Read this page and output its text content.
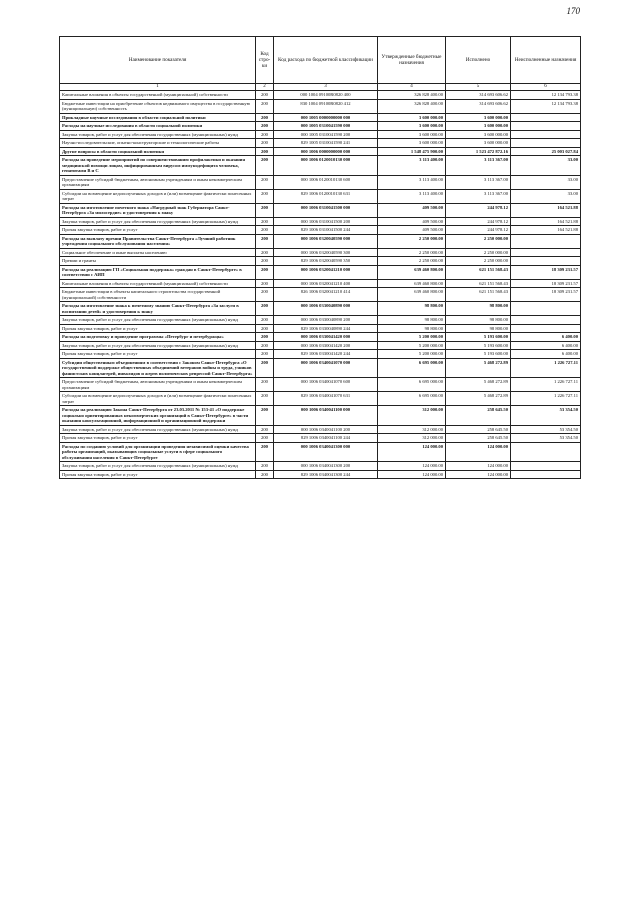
170
Наименование показателя	Код стро-ки	Код расхода по бюджетной классификации	Утвержденные бюджетные назначения	Исполнено	Неисполненные назначения
1	2	3	4	5	6
Капитальные вложения в объекты государственной (муниципальной) собственности	200	000 1004 09100R0820 400	326 828 400.00	314 693 606.62	12 134 793.38
Бюджетные инвестиции на приобретение объектов недвижимого имущества в государственную (муниципальную) собственность	200	830 1004 09100R0820 412	326 828 400.00	314 693 606.62	12 134 793.38
Прикладные научные исследования в области социальной политики	200	000 1005 0000000000 000	3 600 000.00	3 600 000.00	
Расходы на научные исследования в области социальной политики	200	000 1005 0310041590 000	3 600 000.00	3 600 000.00	
Закупка товаров, работ и услуг для обеспечения государственных (муниципальных) нужд	200	000 1005 0310041590 200	3 600 000.00	3 600 000.00	
Научно-исследовательские, опытно-конструкторские и технологические работы	200	829 1005 0310041590 241	3 600 000.00	3 600 000.00	
Другие вопросы в области социальной политики	200	000 1006 0000000000 000	1 548 475 900.00	1 523 472 872.16	25 003 027.84
Расходы на проведение мероприятий по совершенствованию профилактики и оказания медицинской помощи лицам, инфицированным вирусом иммунодефицита человека, гепатитами В и С	200	000 1006 0120010130 000	3 113 400.00	3 113 367.00	33.00
Предоставление субсидий бюджетным, автономным учреждениям и иным некоммерческим организациям	200	000 1006 0120010130 600	3 113 400.00	3 113 367.00	33.00
Субсидии на возмещение недополученных доходов и (или) возмещение фактически понесенных затрат	200	829 1006 0120010130 631	3 113 400.00	3 113 367.00	33.00
Расходы на изготовление почетного знака «Нагрудный знак Губернатора Санкт-Петербурга «За милосердие» и удостоверения к знаку	200	000 1006 0310041500 000	409 500.00	244 978.12	164 521.88
Закупка товаров, работ и услуг для обеспечения государственных (муниципальных) нужд	200	000 1006 0310041500 200	409 500.00	244 978.12	164 521.88
Прочая закупка товаров, работ и услуг	200	829 1006 0310041500 244	409 500.00	244 978.12	164 521.88
Расходы на выплату премии Правительства Санкт-Петербурга «Лучший работник учреждения социального обслуживания населения»	200	000 1006 0320040590 000	2 250 000.00	2 250 000.00	
Социальное обеспечение и иные выплаты населению	200	000 1006 0320040590 300	2 250 000.00	2 250 000.00	
Премии и гранты	200	829 1006 0320040590 350	2 250 000.00	2 250 000.00	
Расходы на реализацию ГП «Социальная поддержка» граждан в Санкт-Петербурге» в соответствии с АИП	200	000 1006 0320041210 000	639 460 800.00	621 151 568.43	18 309 231.57
Капитальные вложения в объекты государственной (муниципальной) собственности	200	000 1006 0320041210 400	639 460 800.00	621 151 568.43	18 309 231.57
Бюджетные инвестиции в объекты капитального строительства государственной (муниципальной) собственности	200	826 1006 0320041210 414	639 460 800.00	621 151 568.43	18 309 231.57
Расходы на изготовление знака к почетному званию Санкт-Петербурга «За заслуги в воспитании детей» и удостоверения к знаку	200	000 1006 0330040890 000	98 800.00	98 800.00	
Закупка товаров, работ и услуг для обеспечения государственных (муниципальных) нужд	200	000 1006 0330040890 200	98 800.00	98 800.00	
Прочая закупка товаров, работ и услуг	200	829 1006 0330040890 244	98 800.00	98 800.00	
Расходы на подготовку и проведение программы «Петербург и петербуржцы»	200	000 1006 0330041420 000	5 200 000.00	5 193 600.00	6 400.00
Закупка товаров, работ и услуг для обеспечения государственных (муниципальных) нужд	200	000 1006 0330041420 200	5 200 000.00	5 193 600.00	6 400.00
Прочая закупка товаров, работ и услуг	200	829 1006 0330041420 244	5 200 000.00	5 193 600.00	6 400.00
Субсидии общественным объединениям в соответствии с Законом Санкт-Петербурга «О государственной поддержке общественных объединений ветеранов войны и труда, узников фашистских концлагерей, инвалидов и жертв политических репрессий Санкт-Петербурга»	200	000 1006 0340041070 000	6 695 000.00	5 468 272.89	1 226 727.11
Предоставление субсидий бюджетным, автономным учреждениям и иным некоммерческим организациям	200	000 1006 0340041070 600	6 695 000.00	5 468 272.89	1 226 727.11
Субсидии на возмещение недополученных доходов и (или) возмещение фактически понесенных затрат	200	829 1006 0340041070 631	6 695 000.00	5 468 272.89	1 226 727.11
Расходы на реализацию Закона Санкт-Петербурга от 23.03.2011 № 153-41 «О поддержке социально ориентированных некоммерческих организаций в Санкт-Петербурге» в части оказания консультационной, информационной и организационной поддержки	200	000 1006 0340041100 000	312 000.00	258 645.50	53 354.50
Закупка товаров, работ и услуг для обеспечения государственных (муниципальных) нужд	200	000 1006 0340041100 200	312 000.00	258 645.50	53 354.50
Прочая закупка товаров, работ и услуг	200	829 1006 0340041100 244	312 000.00	258 645.50	53 354.50
Расходы по созданию условий для организации проведения независимой оценки качества работы организаций, оказывающих социальные услуги в сфере социального обслуживания населения в Санкт-Петербурге	200	000 1006 0340041300 000	124 000.00	124 000.00	
Закупка товаров, работ и услуг для обеспечения государственных (муниципальных) нужд	200	000 1006 0340041300 200	124 000.00	124 000.00	
Прочая закупка товаров, работ и услуг	200	829 1006 0340041300 244	124 000.00	124 000.00	
